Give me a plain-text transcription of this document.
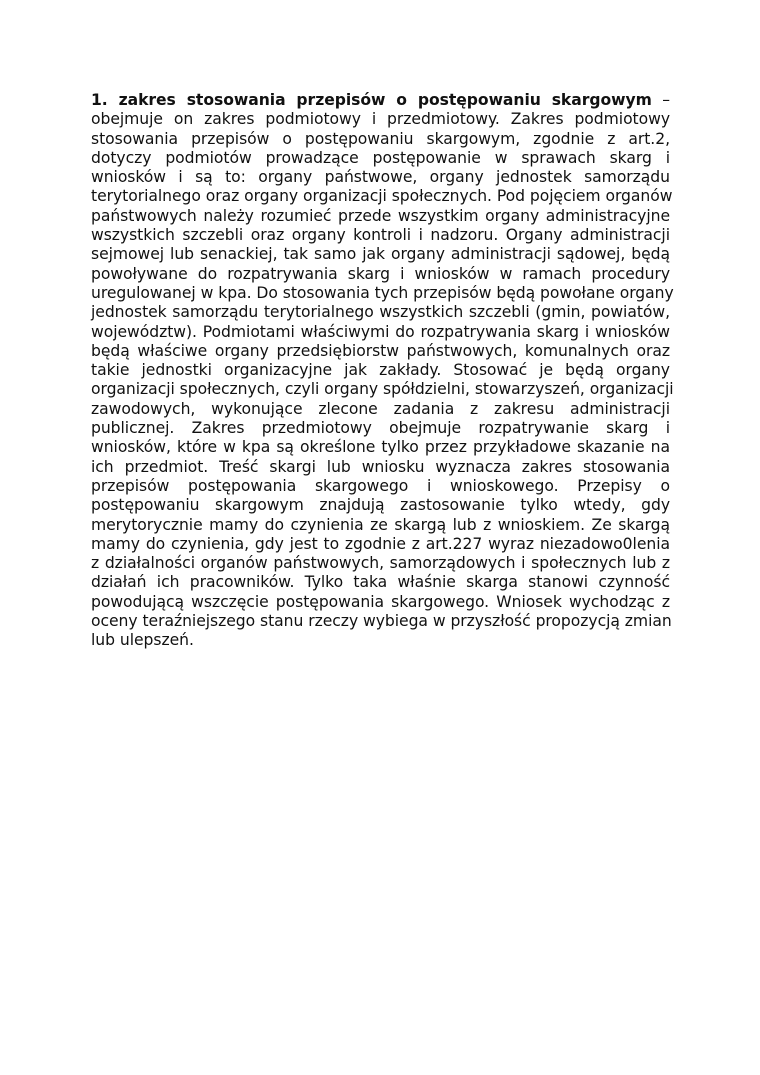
1. zakres stosowania przepisów o postępowaniu skargowym –
obejmuje on zakres podmiotowy i przedmiotowy. Zakres podmiotowy
stosowania przepisów o postępowaniu skargowym, zgodnie z art.2,
dotyczy podmiotów prowadzące postępowanie w sprawach skarg i
wniosków i są to: organy państwowe, organy jednostek samorządu
terytorialnego oraz organy organizacji społecznych. Pod pojęciem organów
państwowych należy rozumieć przede wszystkim organy administracyjne
wszystkich szczebli oraz organy kontroli i nadzoru. Organy administracji
sejmowej lub senackiej, tak samo jak organy administracji sądowej, będą
powoływane do rozpatrywania skarg i wniosków w ramach procedury
uregulowanej w kpa. Do stosowania tych przepisów będą powołane organy
jednostek samorządu terytorialnego wszystkich szczebli (gmin, powiatów,
województw). Podmiotami właściwymi do rozpatrywania skarg i wniosków
będą właściwe organy przedsiębiorstw państwowych, komunalnych oraz
takie jednostki organizacyjne jak zakłady. Stosować je będą organy
organizacji społecznych, czyli organy spółdzielni, stowarzyszeń, organizacji
zawodowych, wykonujące zlecone zadania z zakresu administracji
publicznej. Zakres przedmiotowy obejmuje rozpatrywanie skarg i
wniosków, które w kpa są określone tylko przez przykładowe skazanie na
ich przedmiot. Treść skargi lub wniosku wyznacza zakres stosowania
przepisów postępowania skargowego i wnioskowego. Przepisy o
postępowaniu skargowym znajdują zastosowanie tylko wtedy, gdy
merytorycznie mamy do czynienia ze skargą lub z wnioskiem. Ze skargą
mamy do czynienia, gdy jest to zgodnie z art.227 wyraz niezadowo0lenia
z działalności organów państwowych, samorządowych i społecznych lub z
działań ich pracowników. Tylko taka właśnie skarga stanowi czynność
powodującą wszczęcie postępowania skargowego. Wniosek wychodząc z
oceny teraźniejszego stanu rzeczy wybiega w przyszłość propozycją zmian
lub ulepszeń.
